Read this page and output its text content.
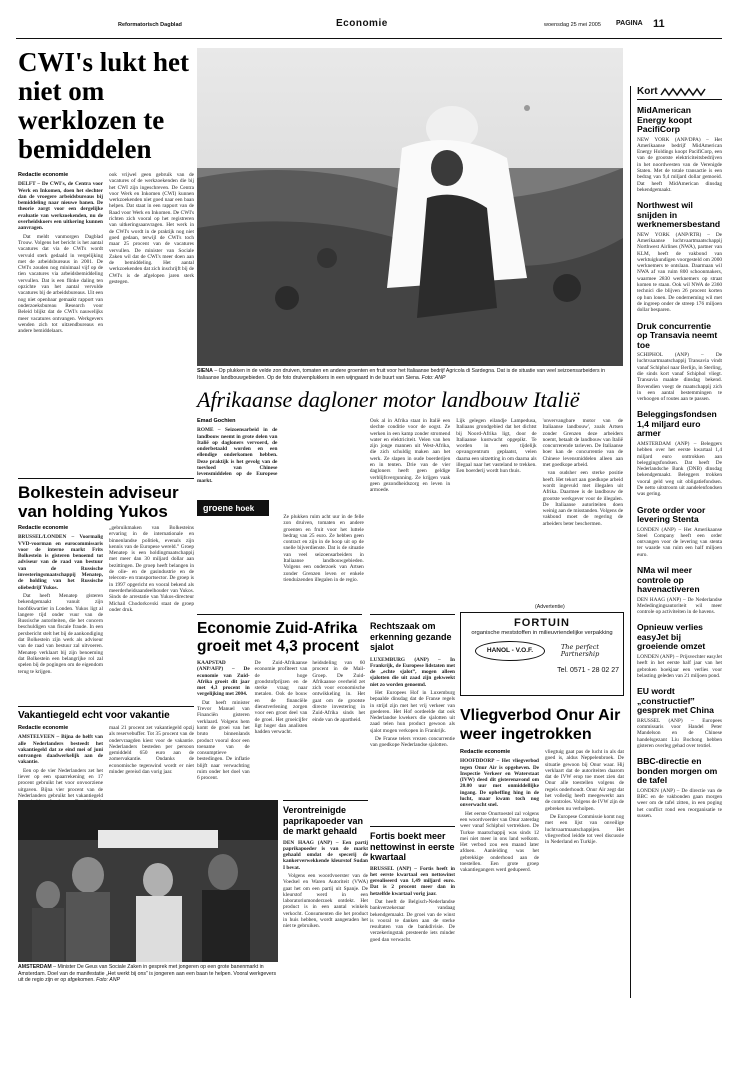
Reformatorisch Dagblad	Economie	woensdag 25 mei 2005 PAGINA 11
CWI's lukt het niet om werklozen te bemiddelen
Redactie economie

DELFT – De CWI's, de Centra voor Werk en Inkomen, doen het slechter dan de vroegere arbeidsbureaus bij bemiddeling naar nieuwe banen. De theorie zorgt voor een dergelijke evaluatie van werkzoekenden, nu de overheidskoers een uitkering kunnen aanvragen.

Dat meldt vanmorgen Dagblad Trouw. Volgens het bericht is het aantal vacatures dat via de CWI's wordt vervuld sterk gedaald in vergelijking met de arbeidsbureaus in 2001. De CWI's zouden nog minimaal vijf op de tien vacatures via arbeidsbemiddeling vervullen. Dat is een flinke daling ten opzichte van het aantal vervulde vacatures bij de arbeidsbureaus. Uit een nog niet openbaar gemaakt rapport van onderzoeksbureau Research voor Beleid blijkt dat de CWI's nauwelijks meer vacatures ontvangen. Werkgevers wenden zich tot uitzendbureaus en andere bemiddelaars.

ook vrijwel geen gebruik van de vacatures of de werkzoekenden die bij het CWI zijn ingeschreven. De Centra voor Werk en Inkomen (CWI) kunnen werkzoekenden niet goed naar een baan helpen. Dat staat in een rapport van de Raad voor Werk en Inkomen. De CWI's richten zich vooral op het registreren van uitkeringsaanvragen. Het werk in de CWI's wordt in de praktijk nog niet goed gedaan, terwijl de CWI's toch maar 25 procent van de vacatures vervullen. De minister van Sociale Zaken wil dat de CWI's meer doen aan de bemiddeling. Het aantal werkzoekenden dat zich inschrijft bij de CWI's is de afgelopen jaren sterk gestegen.

groene hoek
Bolkestein adviseur van holding Yukos
Redactie economie

BRUSSEL/LONDEN – Voormalig VVD-voorman en eurocommissaris voor de interne markt Frits Bolkestein is gisteren benoemd tot adviseur van de raad van bestuur van de Russische investeringsmaatschappij Menatep, de holding van het Russische oliebedrijf Yukos.

Dat heeft Menatep gisteren bekendgemaakt vanuit zijn hoofdkwartier in Londen. Yukos ligt al langere tijd onder vuur van de Russische autoriteiten, die het concern beschuldigen van fiscale fraude. In een persbericht stelt het bij de aankondiging dat Bolkestein zijn werk als adviseur van de raad van bestuur zal uitvoeren. Menatep verklaart bij zijn benoeming dat Bolkestein een belangrijke rol zal spelen bij de pogingen om de eigendom terug te krijgen.

„gebruikmaken van Bolkesteins ervaring in de internationale en binnenlandse politiek, evenals zijn kennis van de Europese wereld.” Groep Menatep is een holdingmaatschappij met meer dan 30 miljard dollar aan bezittingen. De groep heeft belangen in de olie- en de gasindustrie en de telecom- en transportsector. De groep is in 1997 opgericht en vooral bekend als meerderheidsaandeelhouder van Yukos. Sinds de arrestatie van Yukos-directeur Michail Chodorkovski staat de groep onder druk.

Vakantiegeld echt voor vakantie
Redactie economie

AMSTELVEEN – Bijna de helft van alle Nederlanders besteedt het vakantiegeld dat ze eind mei of juni ontvangen daadwerkelijk aan de vakantie.

Een op de vier Nederlanders zet het liever op een spaarrekening en 17 procent gebruikt het voor onvoorziene uitgaven. Bijna vier procent van de Nederlanders gebruikt het vakantiegeld

maal 21 procent zet vakantiegeld opzij als reservebuffer. Tot 35 procent van de ondervraagden kiest voor de vakantie. Nederlanders besteden per persoon gemiddeld 650 euro aan de zomervakantie. Ondanks de economische tegenwind wordt er niet minder gereisd dan vorig jaar.

AMSTERDAM – Minister De Geus van Sociale Zaken in gesprek met jongeren op een grote banenmarkt in Amsterdam. Doel van de manifestatie „Het werkt bij ons” is jongeren aan een baan te helpen. Vooral werkgevers uit de regio zijn er op afgekomen. Foto: ANP
SIENA – Op plukken in de velde zon druiven, tomaten en andere groenten en fruit voor het Italiaanse bedrijf Agricola di Sardegna. Dat is de situatie van veel seizoensarbeiders in Italiaanse landbouwgebieden. Op de foto druivenplukkers in een wijngaard in de buurt van Siena. Foto: ANP
Afrikaanse dagloner motor landbouw Italië
Emad Gochien

ROME – Seizoensarbeid in de landbouw neemt in grote delen van Italië op dagloners vervoerd, de onderbetaald worden en een ellendige onderkomen hebben. Deze praktijk is het gevolg van de toevloed van Chinese levensmiddelen op de Europese markt.

Ze plukken ruim acht uur in de felle zon druiven, tomaten en andere groenten en fruit voor het luttele bedrag van 25 euro. Ze hebben geen contract en zijn in de hoop uit op de snelle bijverdienste. Dat is de situatie van veel seizoensarbeiders in Italiaanse landbouwgebieden. Volgens een onderzoek van Artsen zonder Grenzen leven er enkele tienduizenden illegalen in de regio.

Ook al in Afrika staat in Italië een slechte conditie voor de oogst. Ze werken in een kamp zonder stromend water en elektriciteit. Velen van hen zijn jonge mannen uit West-Afrika, die zich schuldig maken aan het werk. Ze slapen in oude boerderijen en in tenten. Drie van de vier dagloners heeft geen geldige verblijfsvergunning. Ze krijgen vaak geen gezondheidszorg en leven in armoede.

Lijk gelegen eilandje Lampedusa, Italiaans grondgebied dat het dichtst bij Noord-Afrika ligt, door de Italiaanse kustwacht opgepikt. Te worden in een tijdelijk opvangcentrum geplaatst, velen daarna een uitzetting in om daarna als illegaal naar het vasteland te trekken. Een boerderij wordt hun thuis.

'onvervangbare motor van de Italiaanse landbouw', zoals Artsen zonder Grenzen deze arbeiders noemt, betaalt de landbouw van Italië concurrerende tarieven. De Italiaanse boer kan de concurrentie van de Chinese levensmiddelen alleen aan met goedkope arbeid.

van oudsher een sterke positie heeft. Het tekort aan goedkope arbeid wordt ingevuld met illegalen uit Afrika. Daarmee is de landbouw de grootste werkgever voor de illegalen. De Italiaanse autoriteiten doen weinig aan de misstanden. Volgens de vakbond moet de regering de arbeiders beter beschermen.

Economie Zuid-Afrika groeit met 4,3 procent

KAAPSTAD (ANP/AFP) – De economie van Zuid-Afrika groeit dit jaar met 4,3 procent in vergelijking met 2004.

Dat heeft minister Trevor Manuel van Financiën gisteren verklaard. Volgens hem komt de groei van het bruto binnenlands product vooral door een toename van de consumptieve bestedingen. De inflatie blijft naar verwachting ruim onder het doel van 6 procent.

De Zuid-Afrikaanse economie profiteert van de hoge grondstofprijzen en de sterke vraag naar metalen. Ook de bouw en de financiële dienstverlening zorgen voor een groot deel van de groei. Het groeicijfer ligt hoger dan analisten hadden verwacht.

heidsdeling van 60 procent in de Mail-Groep. De Zuid-Afrikaanse overheid zet zich voor economische ontwikkeling in. Het gaat om de grootste directe investering in Zuid-Afrika sinds het einde van de apartheid.

Rechtszaak om erkenning gezande sjalot

LUXEMBURG (ANP) – In Frankrijk, de Europese lidstaten met de „echte sjalot”, mogen alleen sjalotten die uit zaad zijn gekweekt niet zo worden genoemd.

Het Europees Hof in Luxemburg bepaalde dinsdag dat de Franse regels in strijd zijn met het vrij verkeer van goederen. Het Hof oordeelde dat ook Nederlandse kwekers die sjalotten uit zaad telen hun product gewoon als sjalot mogen verkopen in Frankrijk.

De Franse telers vrezen concurrentie van goedkope Nederlandse sjalotten.

(Advertentie)
FORTUIN
organische meststoffen in milieuvriendelijke verpakking
HANOL - V.O.F.	The perfect Partnership
Tel. 0571 - 28 02 27
Vliegverbod Onur Air weer ingetrokken
Redactie economie

HOOFDDORP – Het vliegverbod tegen Onur Air is opgeheven. De Inspectie Verkeer en Waterstaat (IVW) deed dit gisterenavond om 20.00 uur met onmiddellijke ingang. De opheffing hing in de lucht, maar kwam toch nog onverwacht snel.

Het eerste Onurtoestel zal volgens een woordvoerder van Onur zaterdag weer vanaf Schiphol vertrekken. De Turkse maatschappij was sinds 12 mei niet meer in ons land welkom. Het verbod zou een maand later afdoen. Aanleiding was het gebrekkige onderhoud aan de toestellen. Een grote groep vakantiegangers werd gedupeerd.

vliegtuig gaat pas de lucht in als dat goed is, aldus Neppelenbroek. De situatie gewoon bij Onur waar. Hij verklaart dat de autoriteiten daarom dat de IVW erop toe moet zien dat Onur alle toestellen volgens de regels onderhoudt. Onur Air zegt dat het volledig heeft meegewerkt aan de controles. Volgens de IVW zijn de gebreken nu verholpen.

De Europese Commissie komt nog met een lijst van onveilige luchtvaartmaatschappijen. Het vliegverbod leidde tot veel discussie in Nederland en Turkije.

Verontreinigde paprikapoeder van de markt gehaald

DEN HAAG (ANP) – Een partij paprikapoeder is van de markt gehaald omdat de specerij de kankerverwekkende kleurstof Sudan I bevat.

Volgens een woordvoerster van de Voedsel en Waren Autoriteit (VWA) gaat het om een partij uit Spanje. De kleurstof werd in een laboratoriumonderzoek ontdekt. Het product is in een aantal winkels verkocht. Consumenten die het product in huis hebben, wordt aangeraden het niet te gebruiken.

Fortis boekt meer nettowinst in eerste kwartaal

BRUSSEL (ANP) – Fortis heeft in het eerste kwartaal een nettowinst gerealiseerd van 1,49 miljard euro. Dat is 2 procent meer dan in hetzelfde kwartaal vorig jaar.

Dat heeft de Belgisch-Nederlandse bankverzekeraar vandaag bekendgemaakt. De groei van de winst is vooral te danken aan de sterke resultaten van de bankdivisie. De verzekeringstak presteerde iets minder goed dan verwacht.

Kort
MidAmerican Energy koopt PacifiCorp
NEW YORK (ANP/DPA) – Het Amerikaanse bedrijf MidAmerican Energy Holdings koopt PacifiCorp, een van de grootste elektriciteitsbedrijven in het noordwesten van de Verenigde Staten. Met de totale transactie is een bedrag van 9,4 miljard dollar gemoeid. Dat heeft MidAmerican dinsdag bekendgemaakt.
Northwest wil snijden in werknemersbestand
NEW YORK (ANP/RTR) – De Amerikaanse luchtvaartmaatschappij Northwest Airlines (NWA), partner van KLM, heeft de vakbond van werktuigkundigen voorgesteld om 2000 werknemers te ontslaan. Daarmaan wil NWA af van ruim 800 schoonmakers, waarmee 2830 werknemers op straat komen te staan. Ook wil NWA de 2360 technici die blijven 26 procent korten op hun lonen. De onderneming wil met de ingreep onder de streep 176 miljoen dollar besparen.
Druk concurrentie op Transavia neemt toe
SCHIPHOL (ANP) – De luchtvaartmaatschappij Transavia vindt vanaf Schiphol naar Berlijn, in Sterling, die sinds kort vanaf Schiphol vliegt. Transavia maakte dinsdag bekend. Bovendien voegt de maatschappij zich in een aantal bestemmingen te verhoogen of routes aan te passen.
Beleggingsfondsen 1,4 miljard euro armer
AMSTERDAM (ANP) – Beleggers hebben over het eerste kwartaal 1,4 miljard euro onttrokken aan beleggingsfondsen. Dat heeft De Nederlandsche Bank (DNB) dinsdag bekendgemaakt. Beleggers trokken vooral geld weg uit obligatiefondsen. De netto uitstroom uit aandelenfondsen was gering.
Grote order voor levering Stenta
LONDEN (ANP) – Het Amerikaanse Steel Company heeft een order ontvangen voor de levering van stenta ter waarde van ruim een half miljoen euro.
NMa wil meer controle op havenactiveren
DEN HAAG (ANP) – De Nederlandse Mededingingsautoriteit wil meer controle op activiteiten in de havens.
Opnieuw verlies easyJet bij groeiende omzet
LONDEN (ANP) – Prijsvechter easyJet heeft in het eerste half jaar van het gebroken boekjaar een verlies voor belasting geleden van 21 miljoen pond.
EU wordt „constructief” gesprek met China
BRUSSEL (ANP) – Europees commissaris voor Handel Peter Mandelson en de Chinese handelsgezant Liu Bochong hebben gisteren overleg gehad over textiel.
BBC-directie en bonden morgen om de tafel
LONDEN (ANP) – De directie van de BBC en de vakbonden gaan morgen weer om de tafel zitten, in een poging het conflict rond een reorganisatie te sussen.
